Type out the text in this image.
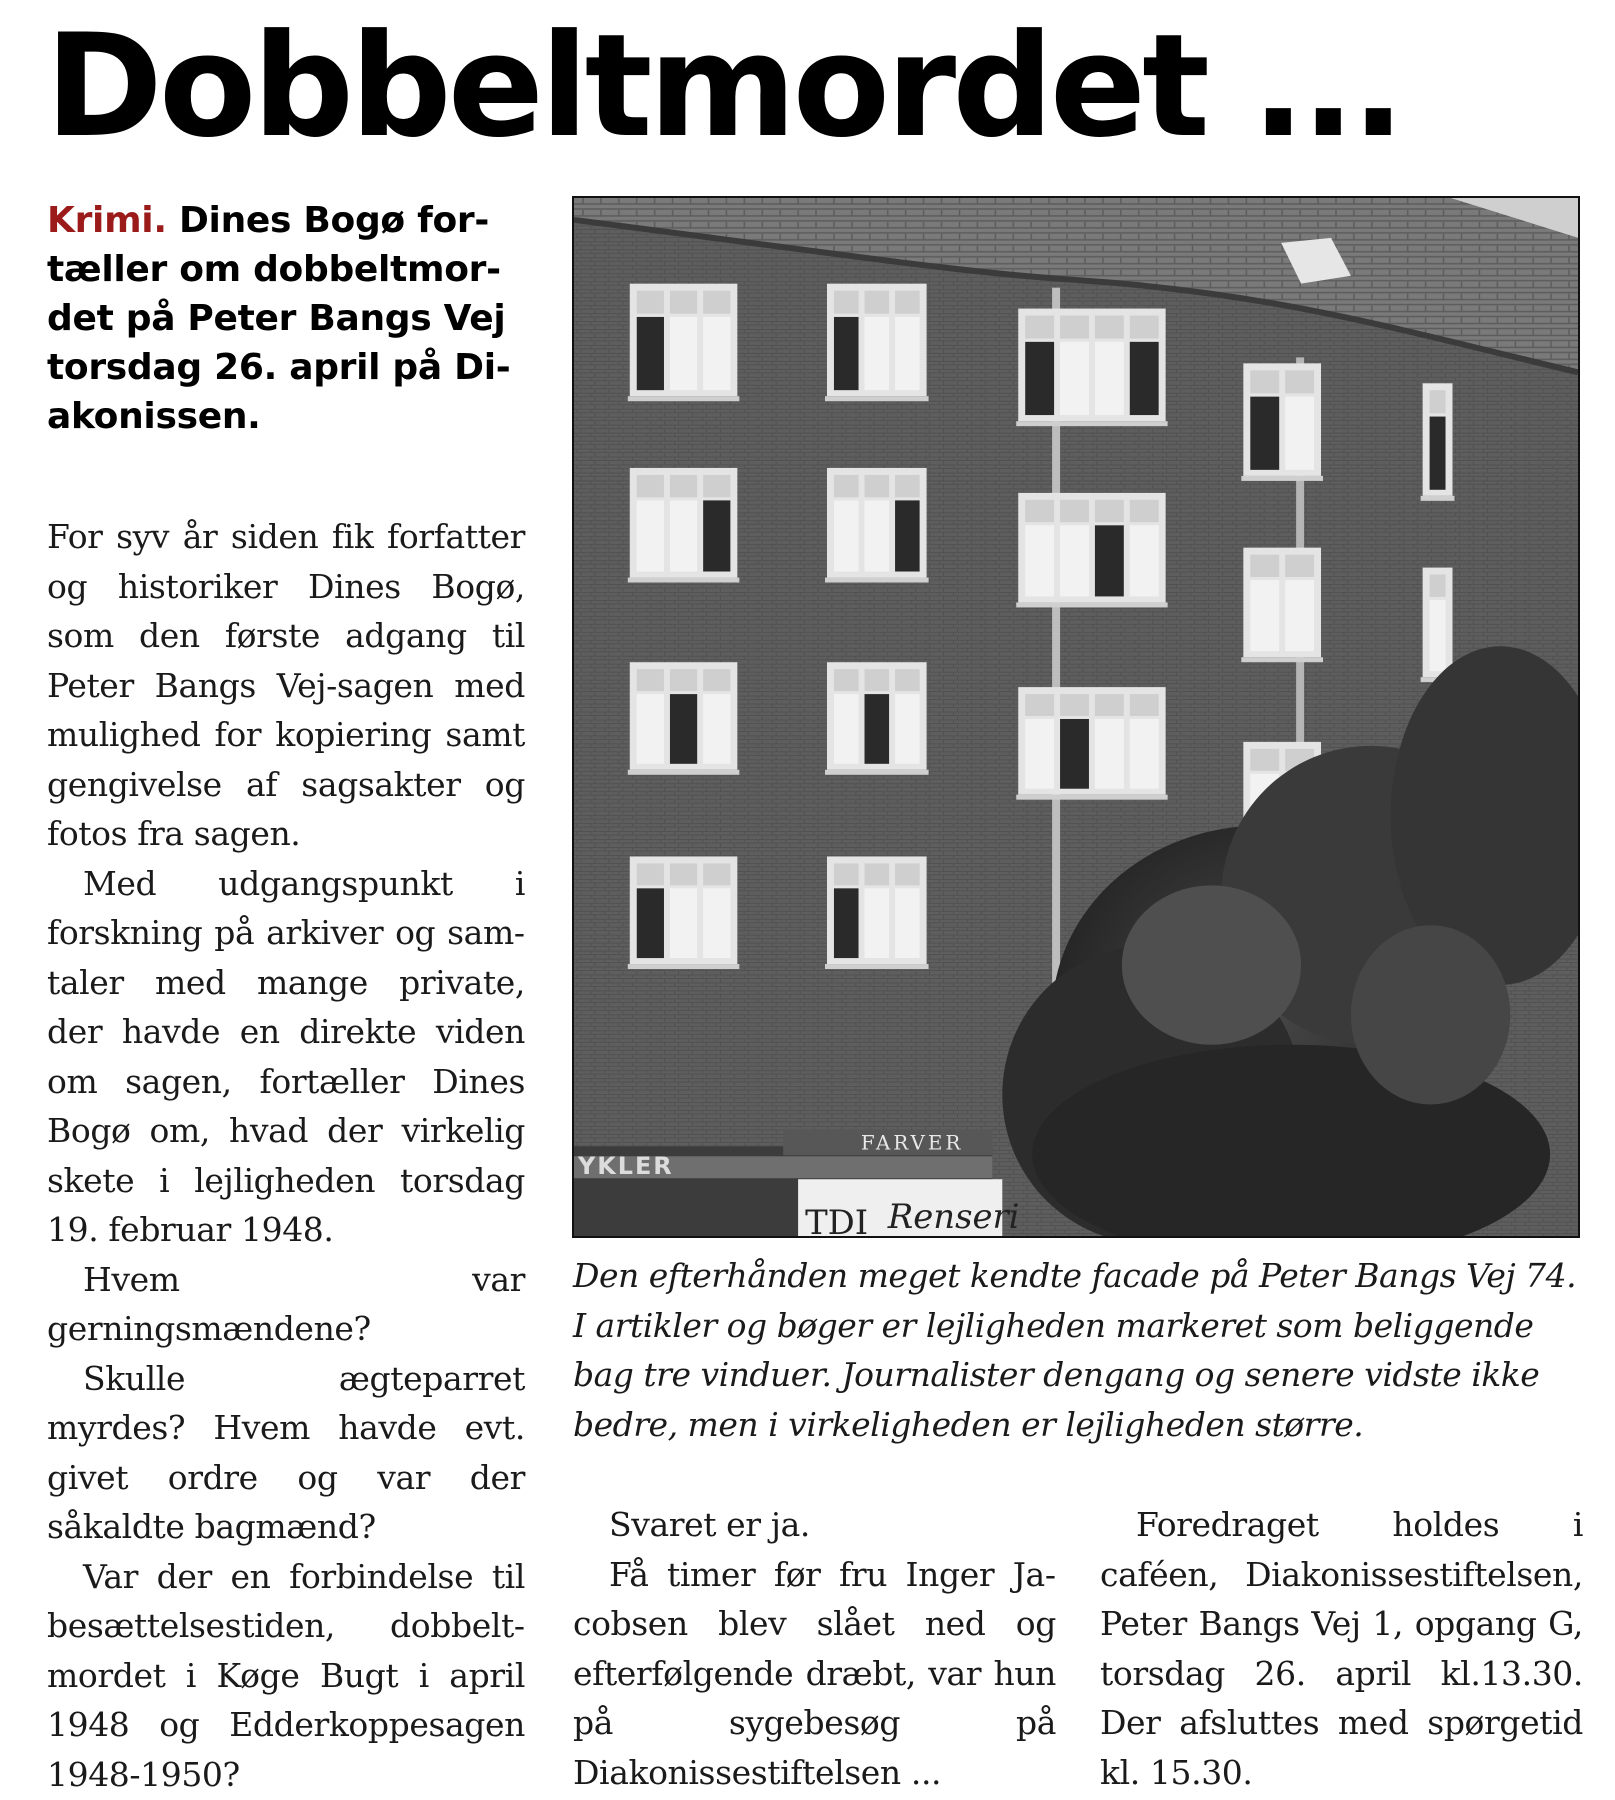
Dobbeltmordet ...

Krimi. Dines Bogø fortæller om dobbeltmordet på Peter Bangs Vej torsdag 26. april på Diakonissen.

For syv år siden fik forfatter og historiker Dines Bogø, som den første adgang til Peter Bangs Vej-sagen med mulighed for kopiering samt gengivelse af sagsakter og fotos fra sagen.

Med udgangspunkt i forskning på arkiver og samtaler med mange private, der havde en direkte viden om sagen, fortæller Dines Bogø om, hvad der virkelig skete i lejligheden torsdag 19. februar 1948.

Hvem var gerningsmændene?

Skulle ægteparret myrdes? Hvem havde evt. givet ordre og var der såkaldte bagmænd?

Var der en forbindelse til besættelsestiden, dobbeltmordet i Køge Bugt i april 1948 og Edderkoppesagen 1948-1950?

FARVER
YKLER
TDI Renseri

Den efterhånden meget kendte facade på Peter Bangs Vej 74. I artikler og bøger er lejligheden markeret som beliggende bag tre vinduer. Journalister dengang og senere vidste ikke bedre, men i virkeligheden er lejligheden større.

Svaret er ja.

Få timer før fru Inger Jacobsen blev slået ned og efterfølgende dræbt, var hun på sygebesøg på Diakonissestiftelsen ...

Foredraget holdes i caféen, Diakonissestiftelsen, Peter Bangs Vej 1, opgang G, torsdag 26. april kl.13.30. Der afsluttes med spørgetid kl. 15.30.
